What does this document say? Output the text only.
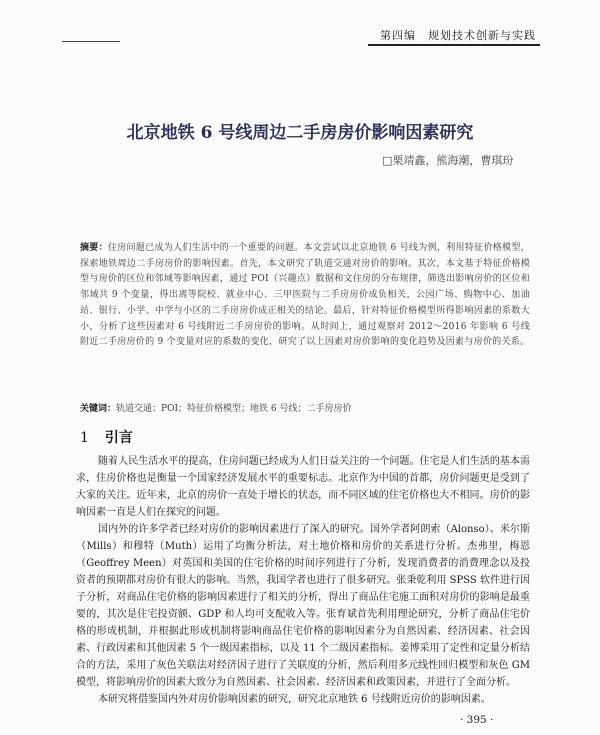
第四编　规划技术创新与实践
北京地铁 6 号线周边二手房房价影响因素研究
□栗靖鑫，熊海潮，曹琪玢
摘要：住房问题已成为人们生活中的一个重要的问题。本文尝试以北京地铁 6 号线为例，利用特征价格模型，探索地铁周边二手房房价的影响因素。首先，本文研究了轨道交通对房价的影响。其次，本文基于特征价格模型与房价的区位和邻域等影响因素，通过 POI（兴趣点）数据和文住房的分布规律，筛选出影响房价的区位和邻域共 9 个变量，得出离等院校、就业中心、三甲医院与二手房房价成负相关，公园广场、购物中心、加油站、银行、小学、中学与小区的二手房房价成正相关的结论。最后，针对特征价格模型所得影响因素的系数大小，分析了这些因素对 6 号线附近二手房房价的影响。从时间上，通过观察对 2012～2016 年影响 6 号线附近二手房房价的 9 个变量对应的系数的变化，研究了以上因素对房价影响的变化趋势及因素与房价的关系。
关键词：轨道交通；POI；特征价格模型；地铁 6 号线；二手房房价
1 引言

随着人民生活水平的提高，住房问题已经成为人们日益关注的一个问题。住宅是人们生活的基本需求，住房价格也是衡量一个国家经济发展水平的重要标志。北京作为中国的首都，房价问题更是受到了大家的关注。近年来，北京的房价一直处于增长的状态，而不同区域的住宅价格也大不相同。房价的影响因素一直是人们在探究的问题。

国内外的许多学者已经对房价的影响因素进行了深入的研究。国外学者阿朗索（Alonso）、米尔斯（Mills）和穆特（Muth）运用了均衡分析法，对土地价格和房价的关系进行分析。杰弗里，梅恩（Geoffrey Meen）对英国和美国的住宅价格的时间序列进行了分析，发现消费者的消费理念以及投资者的预期都对房价有很大的影响。当然，我国学者也进行了很多研究。张秉乾利用 SPSS 软件进行因子分析，对商品住宅价格的影响因素进行了相关的分析，得出了商品住宅施工面积对房价的影响是最重要的，其次是住宅投资额、GDP 和人均可支配收入等。张育斌首先利用理论研究，分析了商品住宅价格的形成机制，并根据此形成机制将影响商品住宅价格的影响因素分为自然因素、经济因素、社会因素、行政因素和其他因素 5 个一级因素指标，以及 11 个二级因素指标。姜博采用了定性和定量分析结合的方法，采用了灰色关联法对经济因子进行了关联度的分析，然后利用多元线性回归模型和灰色 GM 模型，将影响房价的因素大致分为自然因素、社会因素、经济因素和政策因素，并进行了全面分析。

本研究将借鉴国内外对房价影响因素的研究，研究北京地铁 6 号线附近房价的影响因素。

· 395 ·
